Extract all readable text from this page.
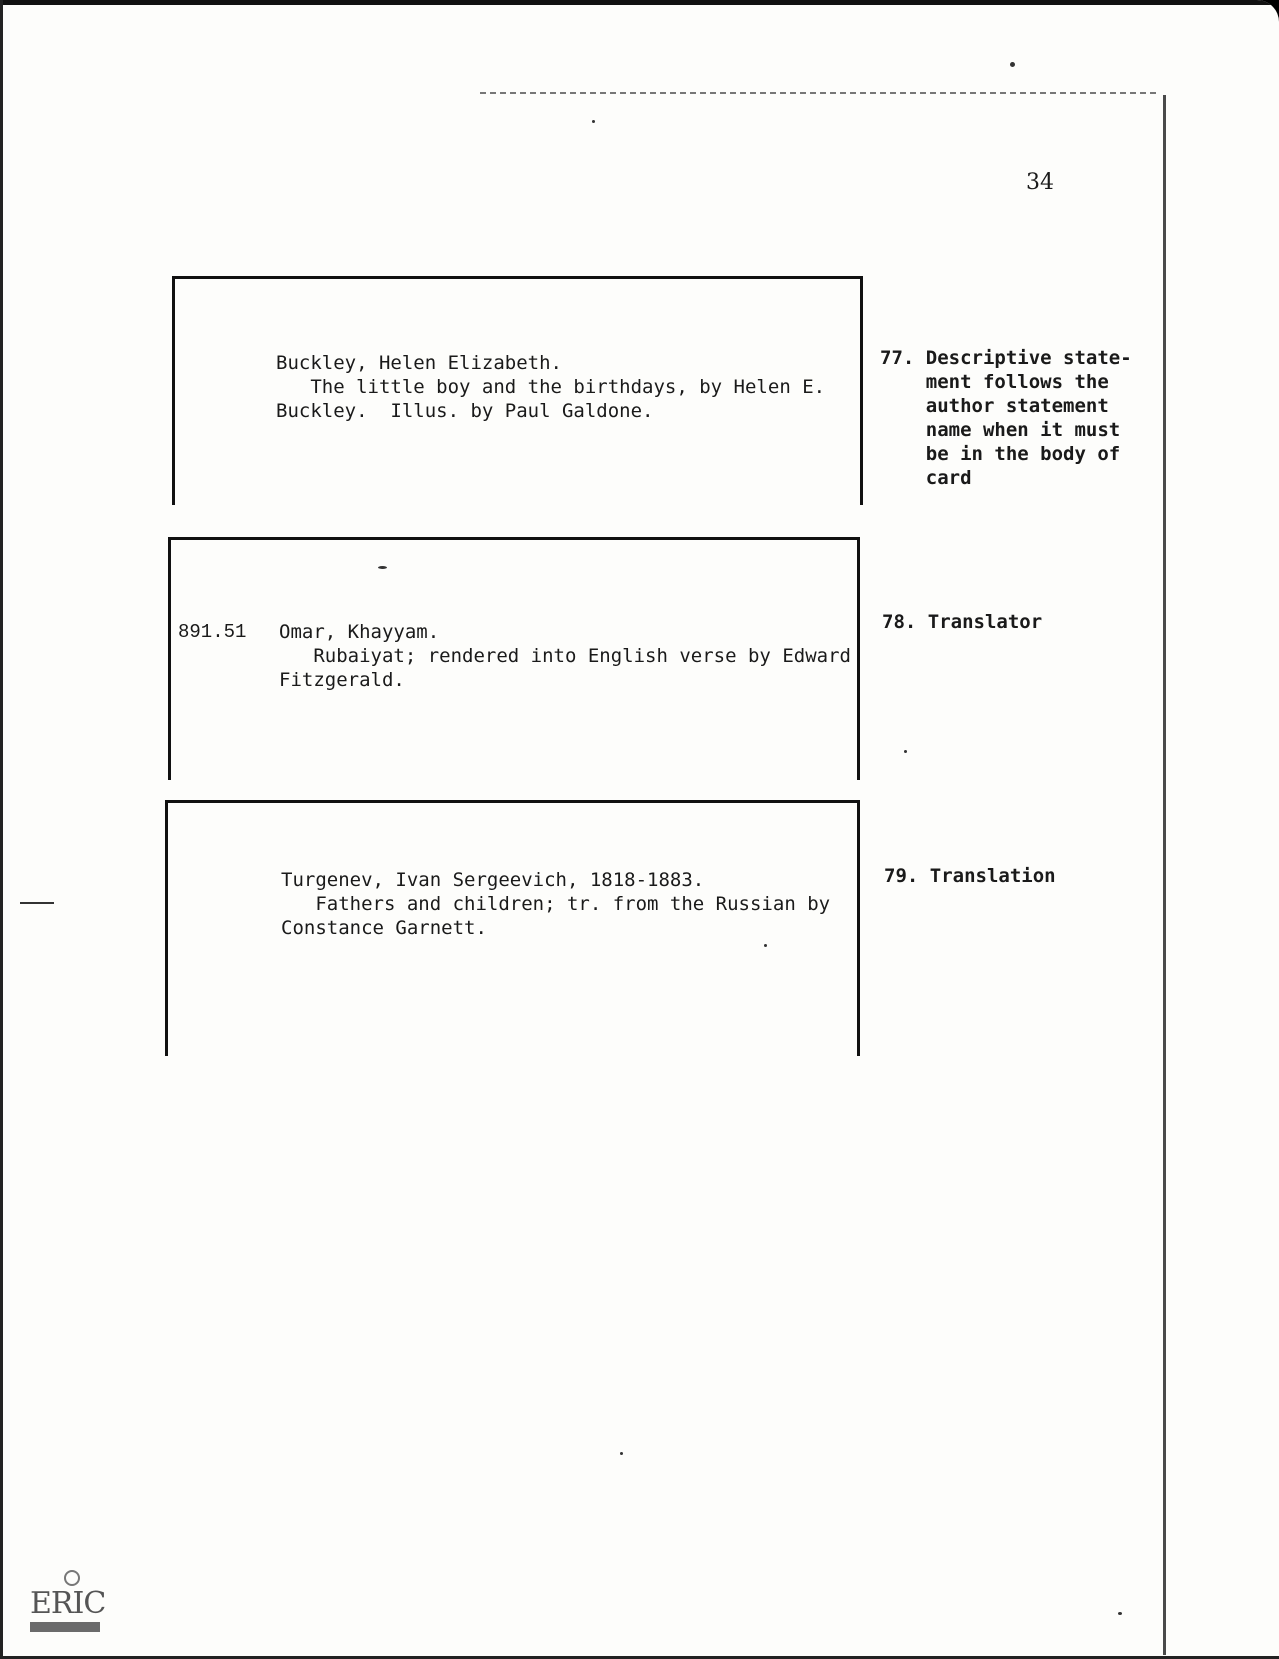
34
Buckley, Helen Elizabeth.
The little boy and the birthdays, by Helen E.
Buckley.  Illus. by Paul Galdone.

891.51 Omar, Khayyam.
Rubaiyat; rendered into English verse by Edward
Fitzgerald.
Turgenev, Ivan Sergeevich, 1818-1883.
Fathers and children; tr. from the Russian by
Constance Garnett.
77. Descriptive state-
ment follows the
author statement
name when it must
be in the body of
card
78. Translator
79. Translation
ERIC
